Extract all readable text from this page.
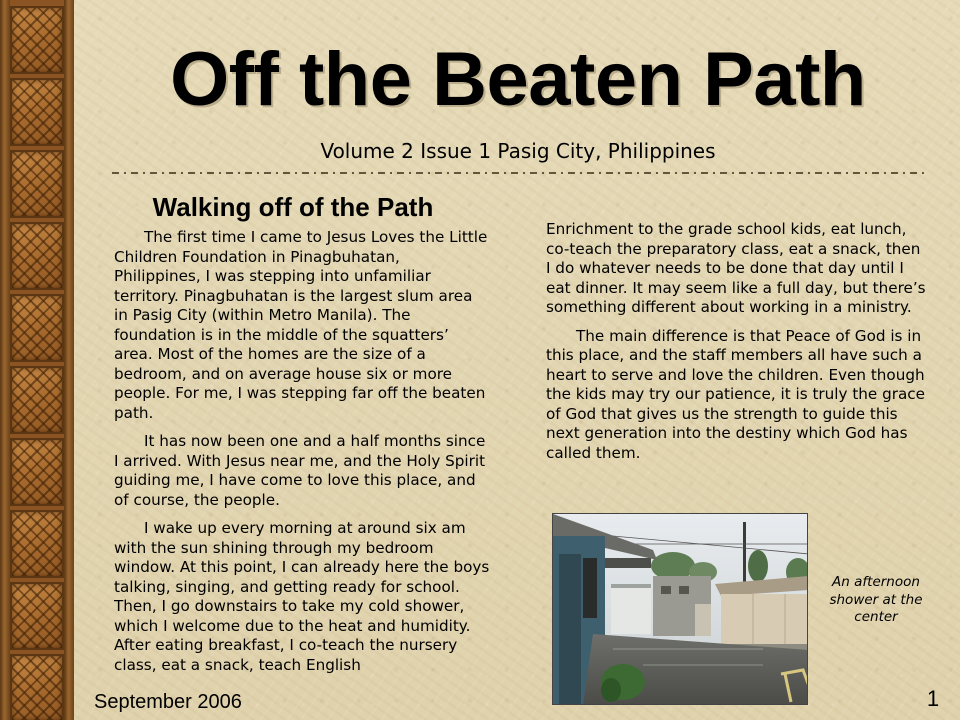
Off the Beaten Path
Volume 2 Issue 1 Pasig City, Philippines
Walking off of the Path

The first time I came to Jesus Loves the Little Children Foundation in Pinagbuhatan, Philippines, I was stepping into unfamiliar territory. Pinagbuhatan is the largest slum area in Pasig City (within Metro Manila). The foundation is in the middle of the squatters’ area. Most of the homes are the size of a bedroom, and on average house six or more people. For me, I was stepping far off the beaten path.

It has now been one and a half months since I arrived. With Jesus near me, and the Holy Spirit guiding me, I have come to love this place, and of course, the people.

I wake up every morning at around six am with the sun shining through my bedroom window. At this point, I can already here the boys talking, singing, and getting ready for school. Then, I go downstairs to take my cold shower, which I welcome due to the heat and humidity. After eating breakfast, I co-teach the nursery class, eat a snack, teach English

Enrichment to the grade school kids, eat lunch, co-teach the preparatory class, eat a snack, then I do whatever needs to be done that day until I eat dinner. It may seem like a full day, but there’s something different about working in a ministry.

The main difference is that Peace of God is in this place, and the staff members all have such a heart to serve and love the children. Even though the kids may try our patience, it is truly the grace of God that gives us the strength to guide this next generation into the destiny which God has called them.

An afternoon shower at the center
September 2006	1
